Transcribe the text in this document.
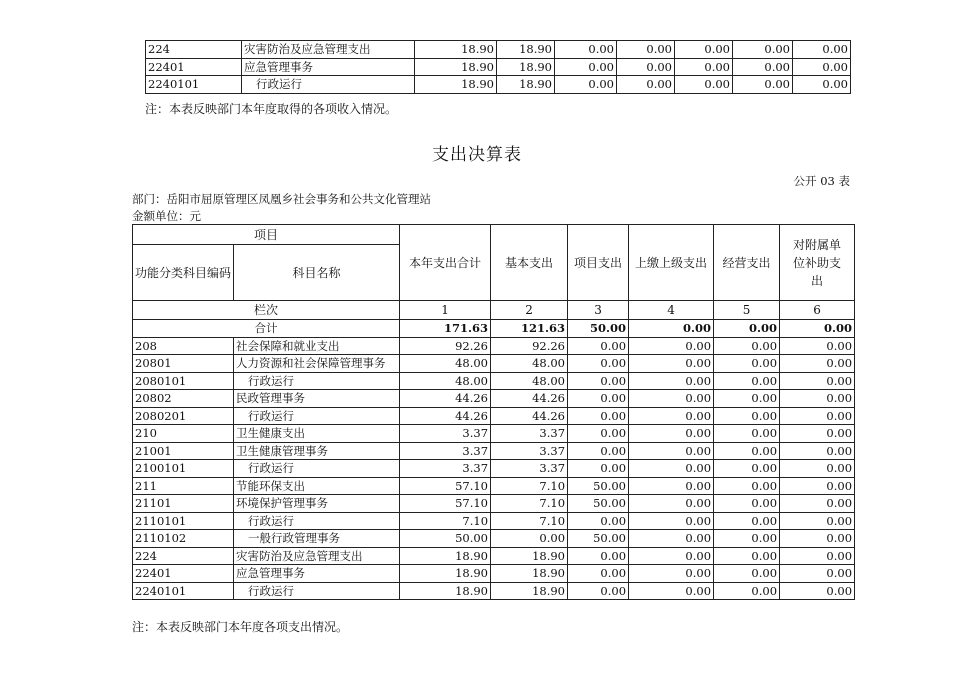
224	灾害防治及应急管理支出	18.90	18.90	0.00	0.00	0.00	0.00	0.00
22401	应急管理事务	18.90	18.90	0.00	0.00	0.00	0.00	0.00
2240101	行政运行	18.90	18.90	0.00	0.00	0.00	0.00	0.00
注：本表反映部门本年度取得的各项收入情况。
支出决算表
公开 03 表
部门：岳阳市屈原管理区凤凰乡社会事务和公共文化管理站
金额单位：元
项目		本年支出合计	基本支出	项目支出	上缴上级支出	经营支出	对附属单位补助支出
功能分类科目编码	科目名称						
栏次		1	2	3	4	5	6
合计		171.63	121.63	50.00	0.00	0.00	0.00
208	社会保障和就业支出	92.26	92.26	0.00	0.00	0.00	0.00
20801	人力资源和社会保障管理事务	48.00	48.00	0.00	0.00	0.00	0.00
2080101	行政运行	48.00	48.00	0.00	0.00	0.00	0.00
20802	民政管理事务	44.26	44.26	0.00	0.00	0.00	0.00
2080201	行政运行	44.26	44.26	0.00	0.00	0.00	0.00
210	卫生健康支出	3.37	3.37	0.00	0.00	0.00	0.00
21001	卫生健康管理事务	3.37	3.37	0.00	0.00	0.00	0.00
2100101	行政运行	3.37	3.37	0.00	0.00	0.00	0.00
211	节能环保支出	57.10	7.10	50.00	0.00	0.00	0.00
21101	环境保护管理事务	57.10	7.10	50.00	0.00	0.00	0.00
2110101	行政运行	7.10	7.10	0.00	0.00	0.00	0.00
2110102	一般行政管理事务	50.00	0.00	50.00	0.00	0.00	0.00
224	灾害防治及应急管理支出	18.90	18.90	0.00	0.00	0.00	0.00
22401	应急管理事务	18.90	18.90	0.00	0.00	0.00	0.00
2240101	行政运行	18.90	18.90	0.00	0.00	0.00	0.00
注：本表反映部门本年度各项支出情况。
